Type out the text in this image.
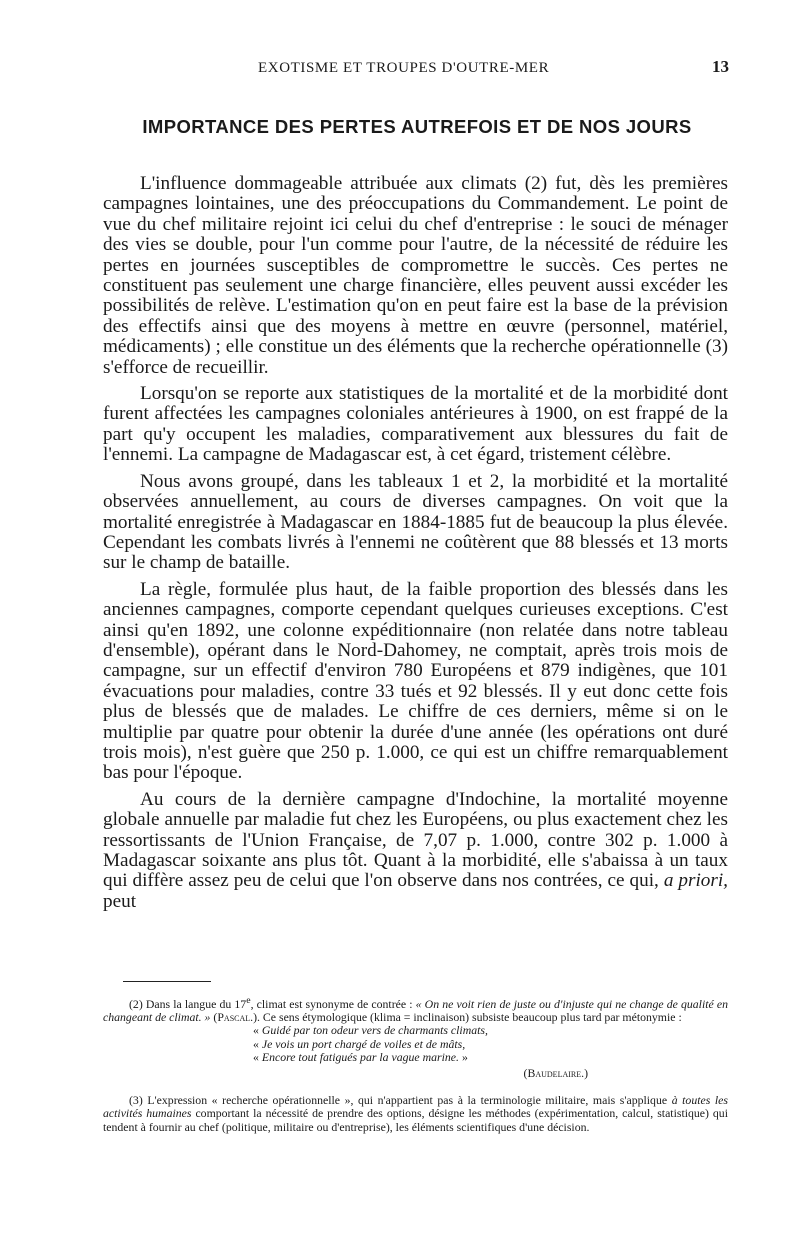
EXOTISME ET TROUPES D'OUTRE-MER	13
IMPORTANCE DES PERTES AUTREFOIS ET DE NOS JOURS

L'influence dommageable attribuée aux climats (2) fut, dès les premières campagnes lointaines, une des préoccupations du Commandement. Le point de vue du chef militaire rejoint ici celui du chef d'entreprise : le souci de ménager des vies se double, pour l'un comme pour l'autre, de la nécessité de réduire les pertes en journées susceptibles de compromettre le succès. Ces pertes ne constituent pas seulement une charge financière, elles peuvent aussi excéder les possibilités de relève. L'estimation qu'on en peut faire est la base de la prévision des effectifs ainsi que des moyens à mettre en œuvre (personnel, matériel, médicaments) ; elle constitue un des éléments que la recherche opérationnelle (3) s'efforce de recueillir.

Lorsqu'on se reporte aux statistiques de la mortalité et de la morbidité dont furent affectées les campagnes coloniales antérieures à 1900, on est frappé de la part qu'y occupent les maladies, comparativement aux blessures du fait de l'ennemi. La campagne de Madagascar est, à cet égard, tristement célèbre.

Nous avons groupé, dans les tableaux 1 et 2, la morbidité et la mortalité observées annuellement, au cours de diverses campagnes. On voit que la mortalité enregistrée à Madagascar en 1884-1885 fut de beaucoup la plus élevée. Cependant les combats livrés à l'ennemi ne coûtèrent que 88 blessés et 13 morts sur le champ de bataille.

La règle, formulée plus haut, de la faible proportion des blessés dans les anciennes campagnes, comporte cependant quelques curieuses exceptions. C'est ainsi qu'en 1892, une colonne expéditionnaire (non relatée dans notre tableau d'ensemble), opérant dans le Nord-Dahomey, ne comptait, après trois mois de campagne, sur un effectif d'environ 780 Européens et 879 indigènes, que 101 évacuations pour maladies, contre 33 tués et 92 blessés. Il y eut donc cette fois plus de blessés que de malades. Le chiffre de ces derniers, même si on le multiplie par quatre pour obtenir la durée d'une année (les opérations ont duré trois mois), n'est guère que 250 p. 1.000, ce qui est un chiffre remarquablement bas pour l'époque.

Au cours de la dernière campagne d'Indochine, la mortalité moyenne globale annuelle par maladie fut chez les Européens, ou plus exactement chez les ressortissants de l'Union Française, de 7,07 p. 1.000, contre 302 p. 1.000 à Madagascar soixante ans plus tôt. Quant à la morbidité, elle s'abaissa à un taux qui diffère assez peu de celui que l'on observe dans nos contrées, ce qui, a priori, peut

(2) Dans la langue du 17e, climat est synonyme de contrée : « On ne voit rien de juste ou d'injuste qui ne change de qualité en changeant de climat. » (Pascal.). Ce sens étymologique (klima = inclinaison) subsiste beaucoup plus tard par métonymie :

« Guidé par ton odeur vers de charmants climats,

« Je vois un port chargé de voiles et de mâts,

« Encore tout fatigués par la vague marine. »

(Baudelaire.)

(3) L'expression « recherche opérationnelle », qui n'appartient pas à la terminologie militaire, mais s'applique à toutes les activités humaines comportant la nécessité de prendre des options, désigne les méthodes (expérimentation, calcul, statistique) qui tendent à fournir au chef (politique, militaire ou d'entreprise), les éléments scientifiques d'une décision.
